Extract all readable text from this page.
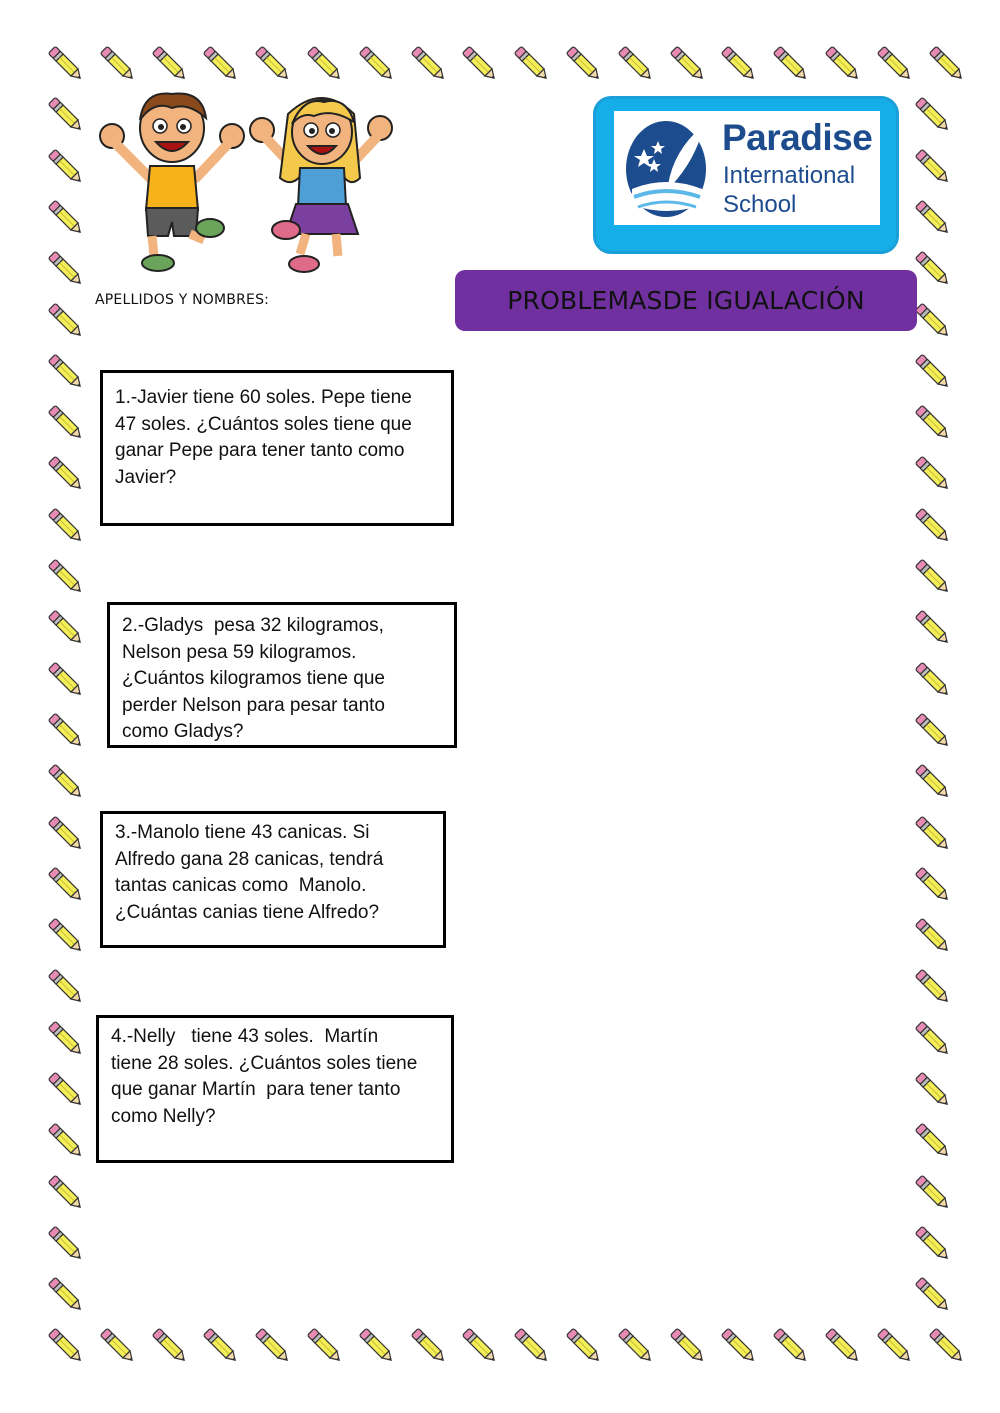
Paradise
International
School
APELLIDOS Y NOMBRES:	PROBLEMASDE IGUALACIÓN
1.-Javier tiene 60 soles. Pepe tiene
47 soles. ¿Cuántos soles tiene que
ganar Pepe para tener tanto como
Javier?
2.-Gladys  pesa 32 kilogramos,
Nelson pesa 59 kilogramos.
¿Cuántos kilogramos tiene que
perder Nelson para pesar tanto
como Gladys?
3.-Manolo tiene 43 canicas. Si
Alfredo gana 28 canicas, tendrá
tantas canicas como  Manolo.
¿Cuántas canias tiene Alfredo?
4.-Nelly   tiene 43 soles.  Martín
tiene 28 soles. ¿Cuántos soles tiene
que ganar Martín  para tener tanto
como Nelly?
